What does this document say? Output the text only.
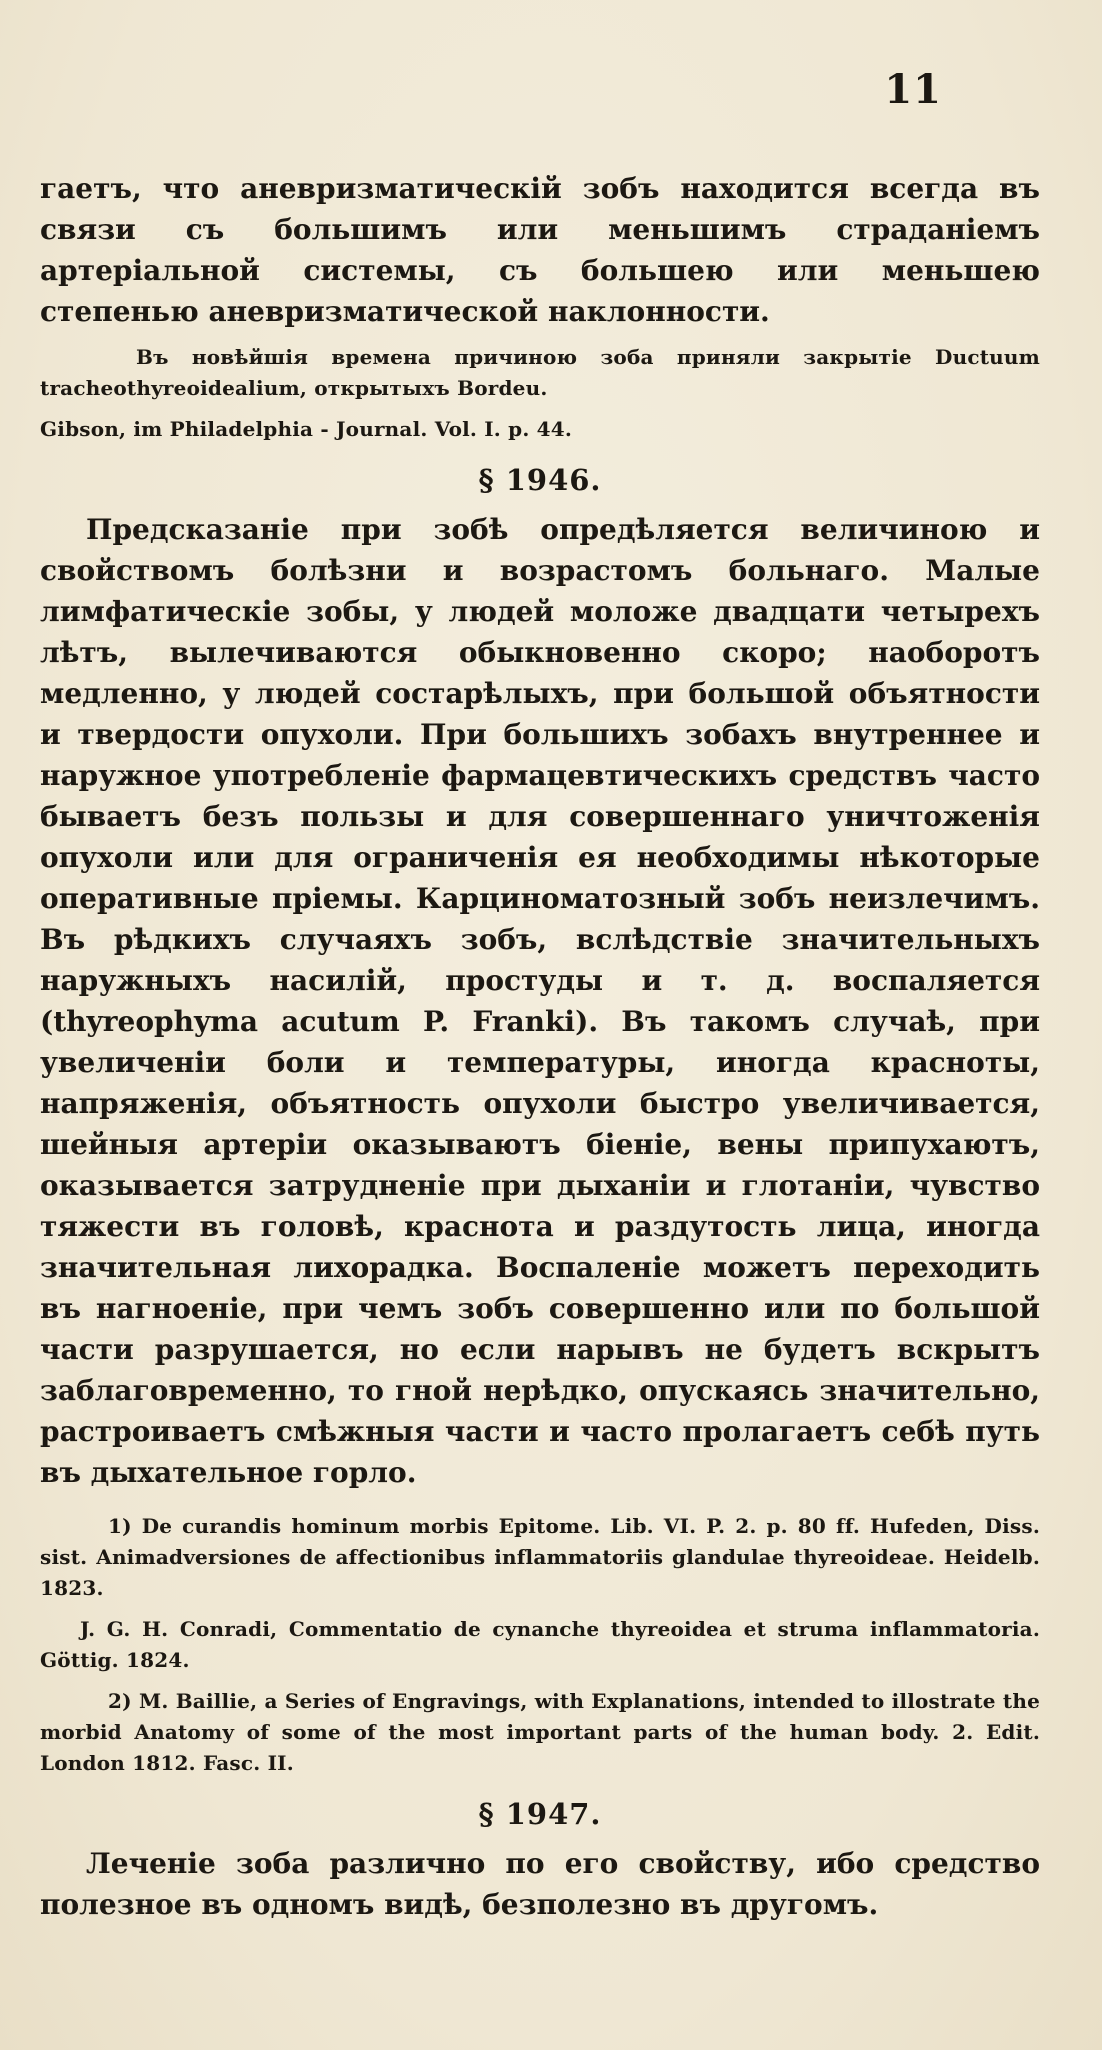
11

гаетъ, что аневризматическій зобъ находится всегда въ связи съ большимъ или меньшимъ страданіемъ артеріальной системы, съ большею или меньшею степенью аневризматической наклонности.

Въ новѣйшія времена причиною зоба приняли закрытіе Ductuum tracheothyreoidealium, открытыхъ Bordeu.

Gibson, im Philadelphia - Journal. Vol. I. p. 44.

§ 1946.

Предсказаніе при зобѣ опредѣляется величиною и свойствомъ болѣзни и возрастомъ больнаго. Малые лимфатическіе зобы, у людей моложе двадцати четырехъ лѣтъ, вылечиваются обыкновенно скоро; наоборотъ медленно, у людей состарѣлыхъ, при большой объятности и твердости опухоли. При большихъ зобахъ внутреннее и наружное употребленіе фармацевтическихъ средствъ часто бываетъ безъ пользы и для совершеннаго уничтоженія опухоли или для ограниченія ея необходимы нѣкоторые оперативные пріемы. Карциноматозный зобъ неизлечимъ. Въ рѣдкихъ случаяхъ зобъ, вслѣдствіе значительныхъ наружныхъ насилій, простуды и т. д. воспаляется (thyreophyma acutum P. Franki). Въ такомъ случаѣ, при увеличеніи боли и температуры, иногда красноты, напряженія, объятность опухоли быстро увеличивается, шейныя артеріи оказываютъ біеніе, вены припухаютъ, оказывается затрудненіе при дыханіи и глотаніи, чувство тяжести въ головѣ, краснота и раздутость лица, иногда значительная лихорадка. Воспаленіе можетъ переходить въ нагноеніе, при чемъ зобъ совершенно или по большой части разрушается, но если нарывъ не будетъ вскрытъ заблаговременно, то гной нерѣдко, опускаясь значительно, растроиваетъ смѣжныя части и часто пролагаетъ себѣ путь въ дыхательное горло.

1) De curandis hominum morbis Epitome. Lib. VI. P. 2. p. 80 ff. Hufeden, Diss. sist. Animadversiones de affectionibus inflammatoriis glandulae thyreoideae. Heidelb. 1823.

J. G. H. Conradi, Commentatio de cynanche thyreoidea et struma inflammatoria. Göttig. 1824.

2) M. Baillie, a Series of Engravings, with Explanations, intended to illostrate the morbid Anatomy of some of the most important parts of the human body. 2. Edit. London 1812. Fasc. II.

§ 1947.

Леченіе зоба различно по его свойству, ибо средство полезное въ одномъ видѣ, безполезно въ другомъ.
